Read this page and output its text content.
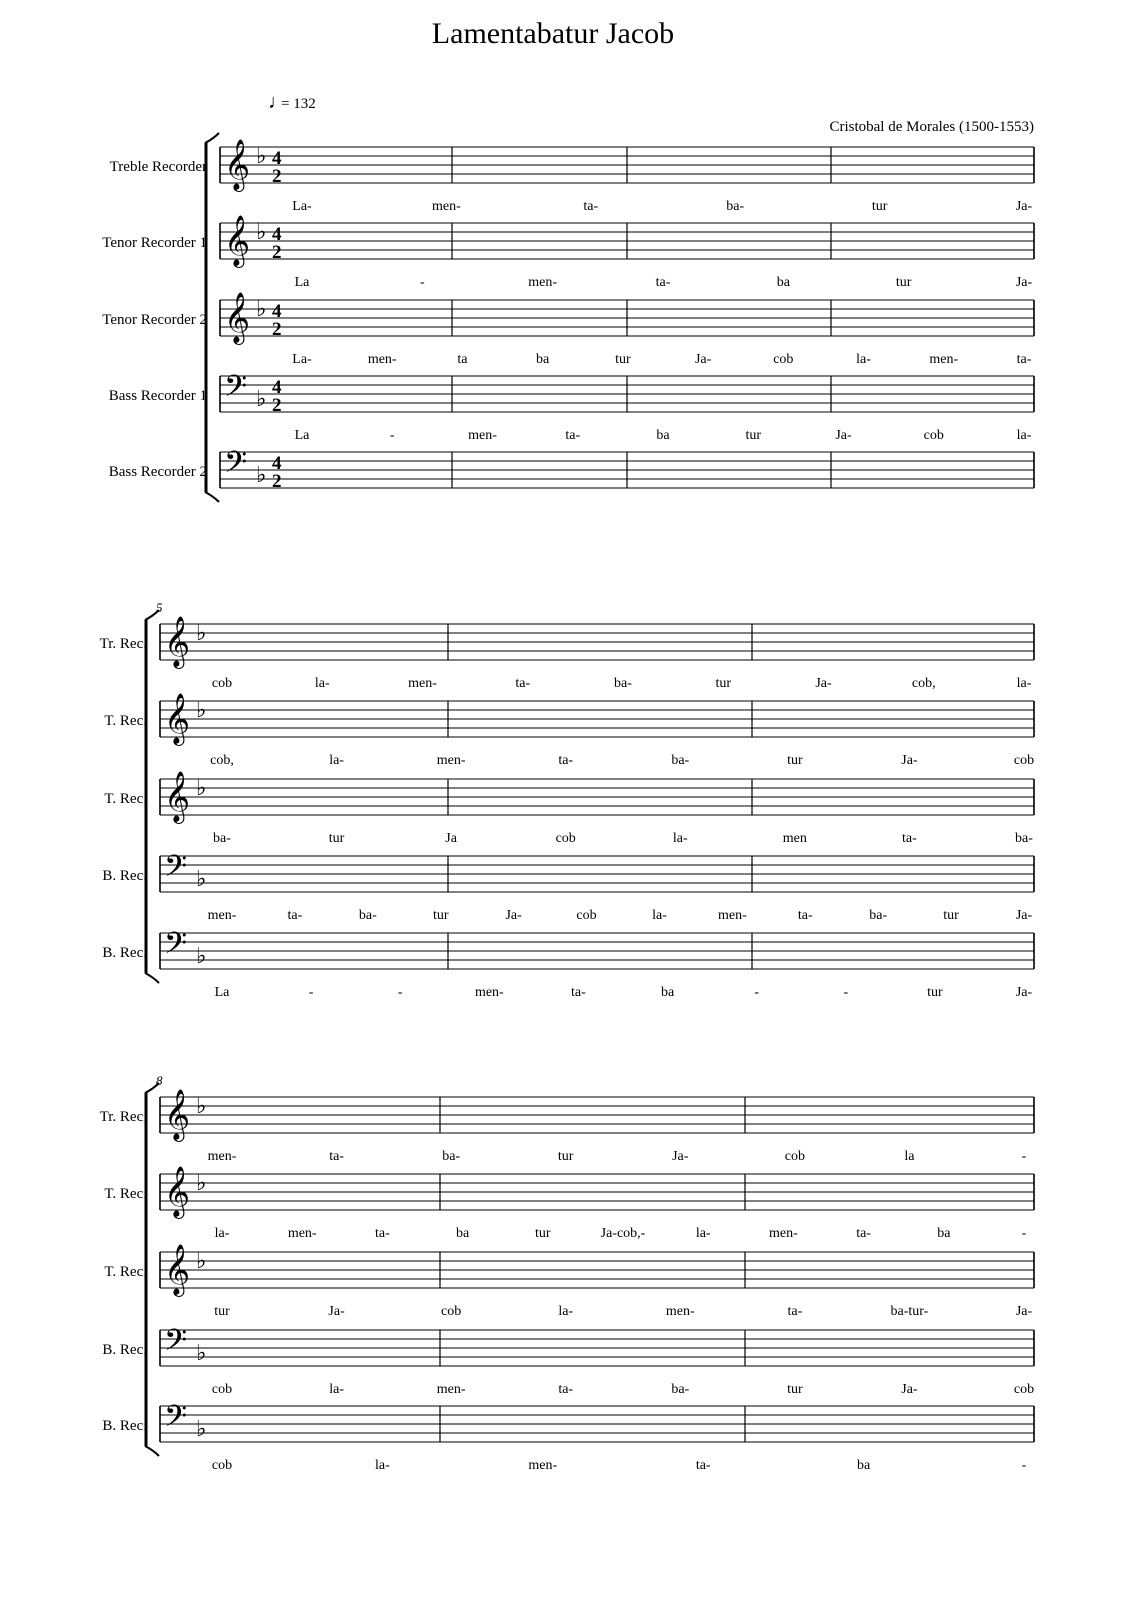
Lamentabatur Jacob
♩
= 132
Cristobal de Morales (1500-1553)
Treble Recorder 𝄞 ♭ 4
2
La-	men-	ta-	ba-	tur	Ja-
Tenor Recorder 1 𝄞 ♭ 4
2
La	-	men-	ta-	ba	tur	Ja-
Tenor Recorder 2 𝄞 ♭ 4
2
La-	men-	ta	ba	tur	Ja-	cob	la-	men-	ta-
Bass Recorder 1 𝄢 ♭ 4
2
La	-	men-	ta-	ba	tur	Ja-	cob	la-
Bass Recorder 2 𝄢 ♭ 4
2
5
Tr. Rec. 𝄞 ♭
cob	la-	men-	ta-	ba-	tur	Ja-	cob,	la-
T. Rec. 𝄞 ♭
cob,	la-	men-	ta-	ba-	tur	Ja-	cob
T. Rec. 𝄞 ♭
ba-	tur	Ja	cob	la-	men	ta-	ba-
B. Rec. 𝄢 ♭
men-	ta-	ba-	tur	Ja-	cob	la-	men-	ta-	ba-	tur	Ja-
B. Rec. 𝄢 ♭
La	-	-	men-	ta-	ba	-	-	tur	Ja-
8
Tr. Rec. 𝄞 ♭
men-	ta-	ba-	tur	Ja-	cob	la	-
T. Rec. 𝄞 ♭
la-	men-	ta-	ba	tur	Ja-cob,-	la-	men-	ta-	ba	-
T. Rec. 𝄞 ♭
tur	Ja-	cob	la-	men-	ta-	ba-tur-	Ja-
B. Rec. 𝄢 ♭
cob	la-	men-	ta-	ba-	tur	Ja-	cob
B. Rec. 𝄢 ♭
cob	la-	men-	ta-	ba	-
